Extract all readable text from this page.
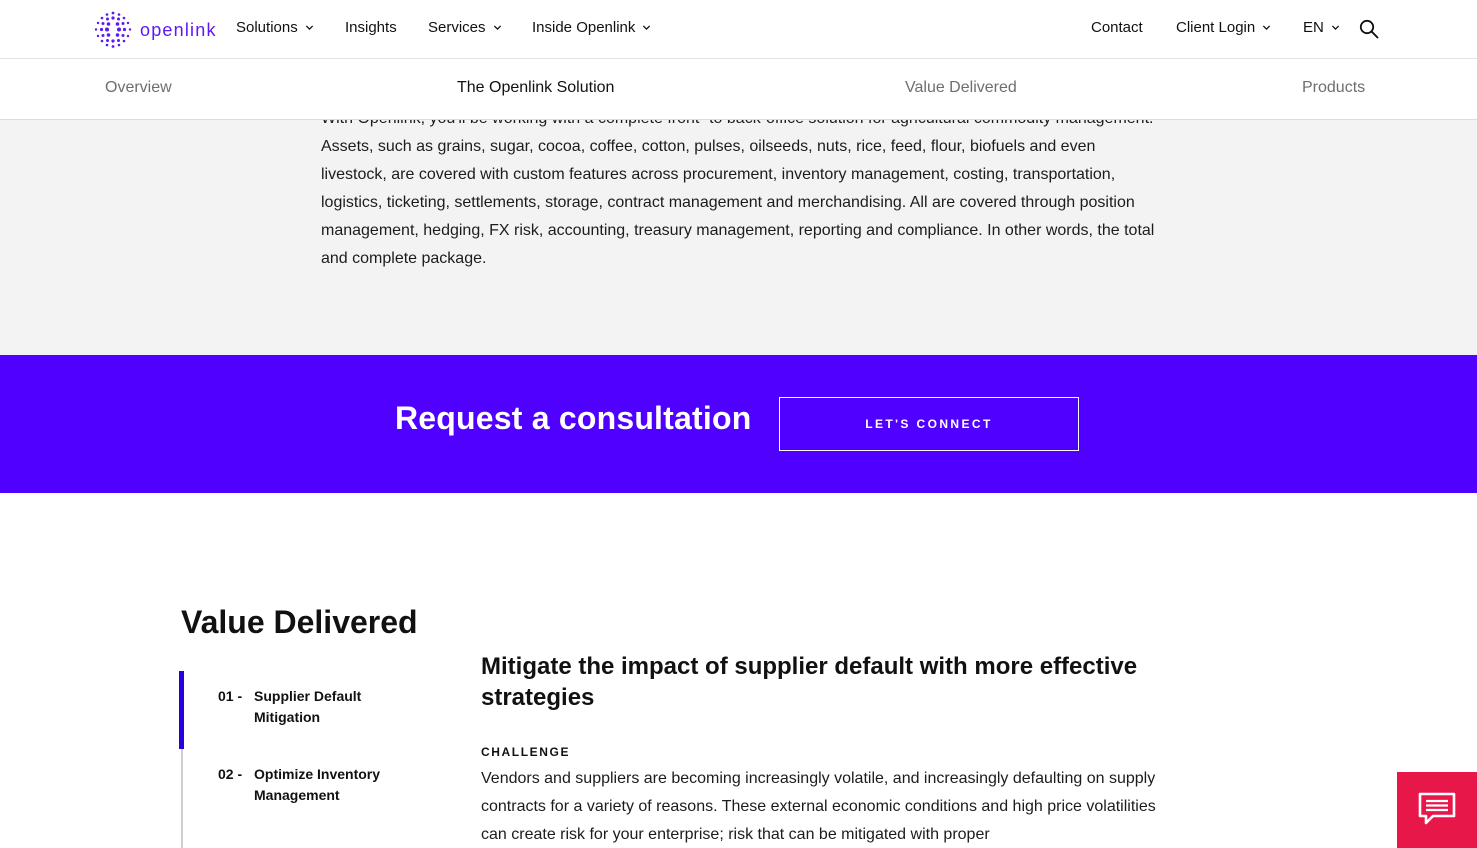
Assets, such as grains, sugar, cocoa, coffee, cotton, pulses, oilseeds, nuts, rice, feed, flour, biofuels and even livestock, are covered with custom features across procurement, inventory management, costing, transportation, logistics, ticketing, settlements, storage, contract management and merchandising. All are covered through position management, hedging, FX risk, accounting, treasury management, reporting and compliance. In other words, the total and complete package.

openlink Solutions	Insights Services	Inside Openlink	Contact Client Login	EN
Overview	The Openlink Solution	Value Delivered	Products
Request a consultation	LET'S CONNECT
Value Delivered
01 - Supplier Default Mitigation
02 - Optimize Inventory Management
Mitigate the impact of supplier default with more effective strategies
CHALLENGE

Vendors and suppliers are becoming increasingly volatile, and increasingly defaulting on supply contracts for a variety of reasons. These external economic conditions and high price volatilities can create risk for your enterprise; risk that can be mitigated with proper
